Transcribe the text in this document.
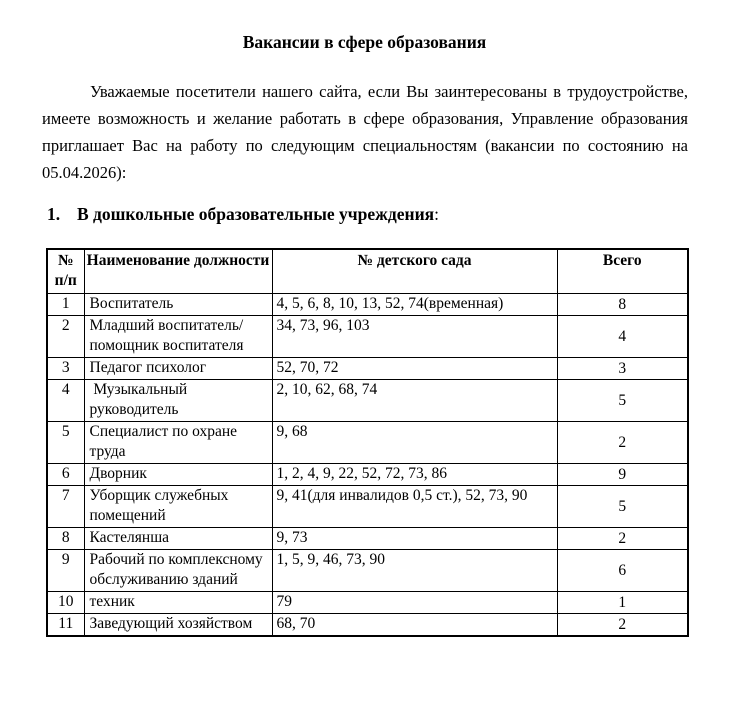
Вакансии в сфере образования

Уважаемые посетители нашего сайта, если Вы заинтересованы в трудоустройстве, имеете возможность и желание работать в сфере образования, Управление образования приглашает Вас на работу по следующим специальностям (вакансии по состоянию на 05.04.2026):

1. В дошкольные образовательные учреждения:
№ п/п	Наименование должности	№ детского сада	Всего
1	Воспитатель	4, 5, 6, 8, 10, 13, 52, 74(временная)	8
2	Младший воспитатель/помощник воспитателя	34, 73, 96, 103	4
3	Педагог психолог	52, 70, 72	3
4	Музыкальный руководитель	2, 10, 62, 68, 74	5
5	Специалист по охране труда	9, 68	2
6	Дворник	1, 2, 4, 9, 22, 52, 72, 73, 86	9
7	Уборщик служебных помещений	9, 41(для инвалидов 0,5 ст.), 52, 73, 90	5
8	Кастелянша	9, 73	2
9	Рабочий по комплексному обслуживанию зданий	1, 5, 9, 46, 73, 90	6
10	техник	79	1
11	Заведующий хозяйством	68, 70	2
